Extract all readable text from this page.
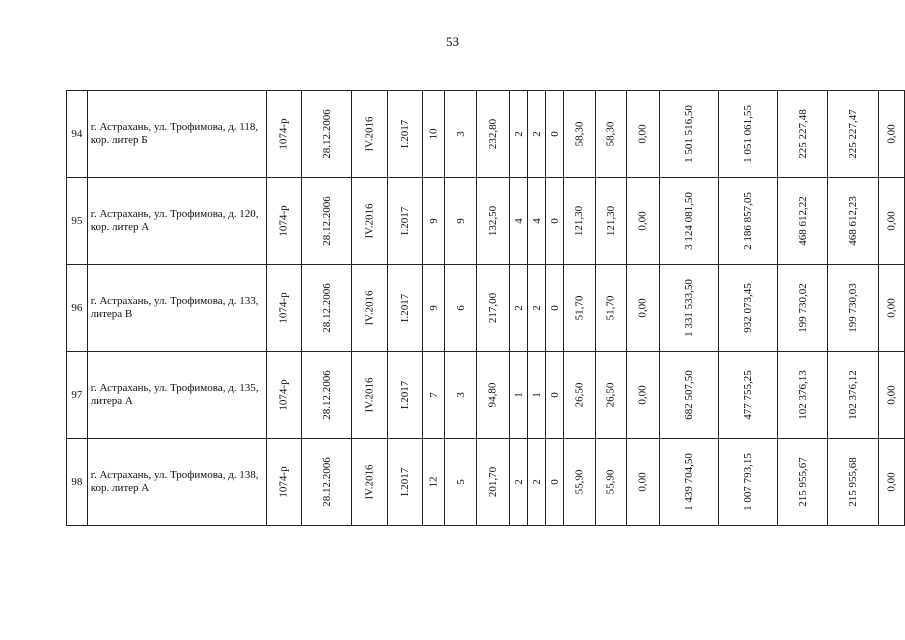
53
94	г. Астрахань, ул. Трофимова, д. 118,
кор. литер Б	1074-р	28.12.2006	IV.2016	I.2017	10	3	232,80	2	2	0	58,30	58,30	0,00	1 501 516,50	1 051 061,55	225 227,48	225 227,47	0,00
95	г. Астрахань, ул. Трофимова, д. 120,
кор. литер А	1074-р	28.12.2006	IV.2016	I.2017	9	9	132,50	4	4	0	121,30	121,30	0,00	3 124 081,50	2 186 857,05	468 612,22	468 612,23	0,00
96	г. Астрахань, ул. Трофимова, д. 133, литера В	1074-р	28.12.2006	IV.2016	I.2017	9	6	217,00	2	2	0	51,70	51,70	0,00	1 331 533,50	932 073,45	199 730,02	199 730,03	0,00
97	г. Астрахань, ул. Трофимова, д. 135, литера А	1074-р	28.12.2006	IV.2016	I.2017	7	3	94,80	1	1	0	26,50	26,50	0,00	682 507,50	477 755,25	102 376,13	102 376,12	0,00
98	г. Астрахань, ул. Трофимова, д. 138,
кор. литер А	1074-р	28.12.2006	IV.2016	I.2017	12	5	201,70	2	2	0	55,90	55,90	0,00	1 439 704,50	1 007 793,15	215 955,67	215 955,68	0,00
